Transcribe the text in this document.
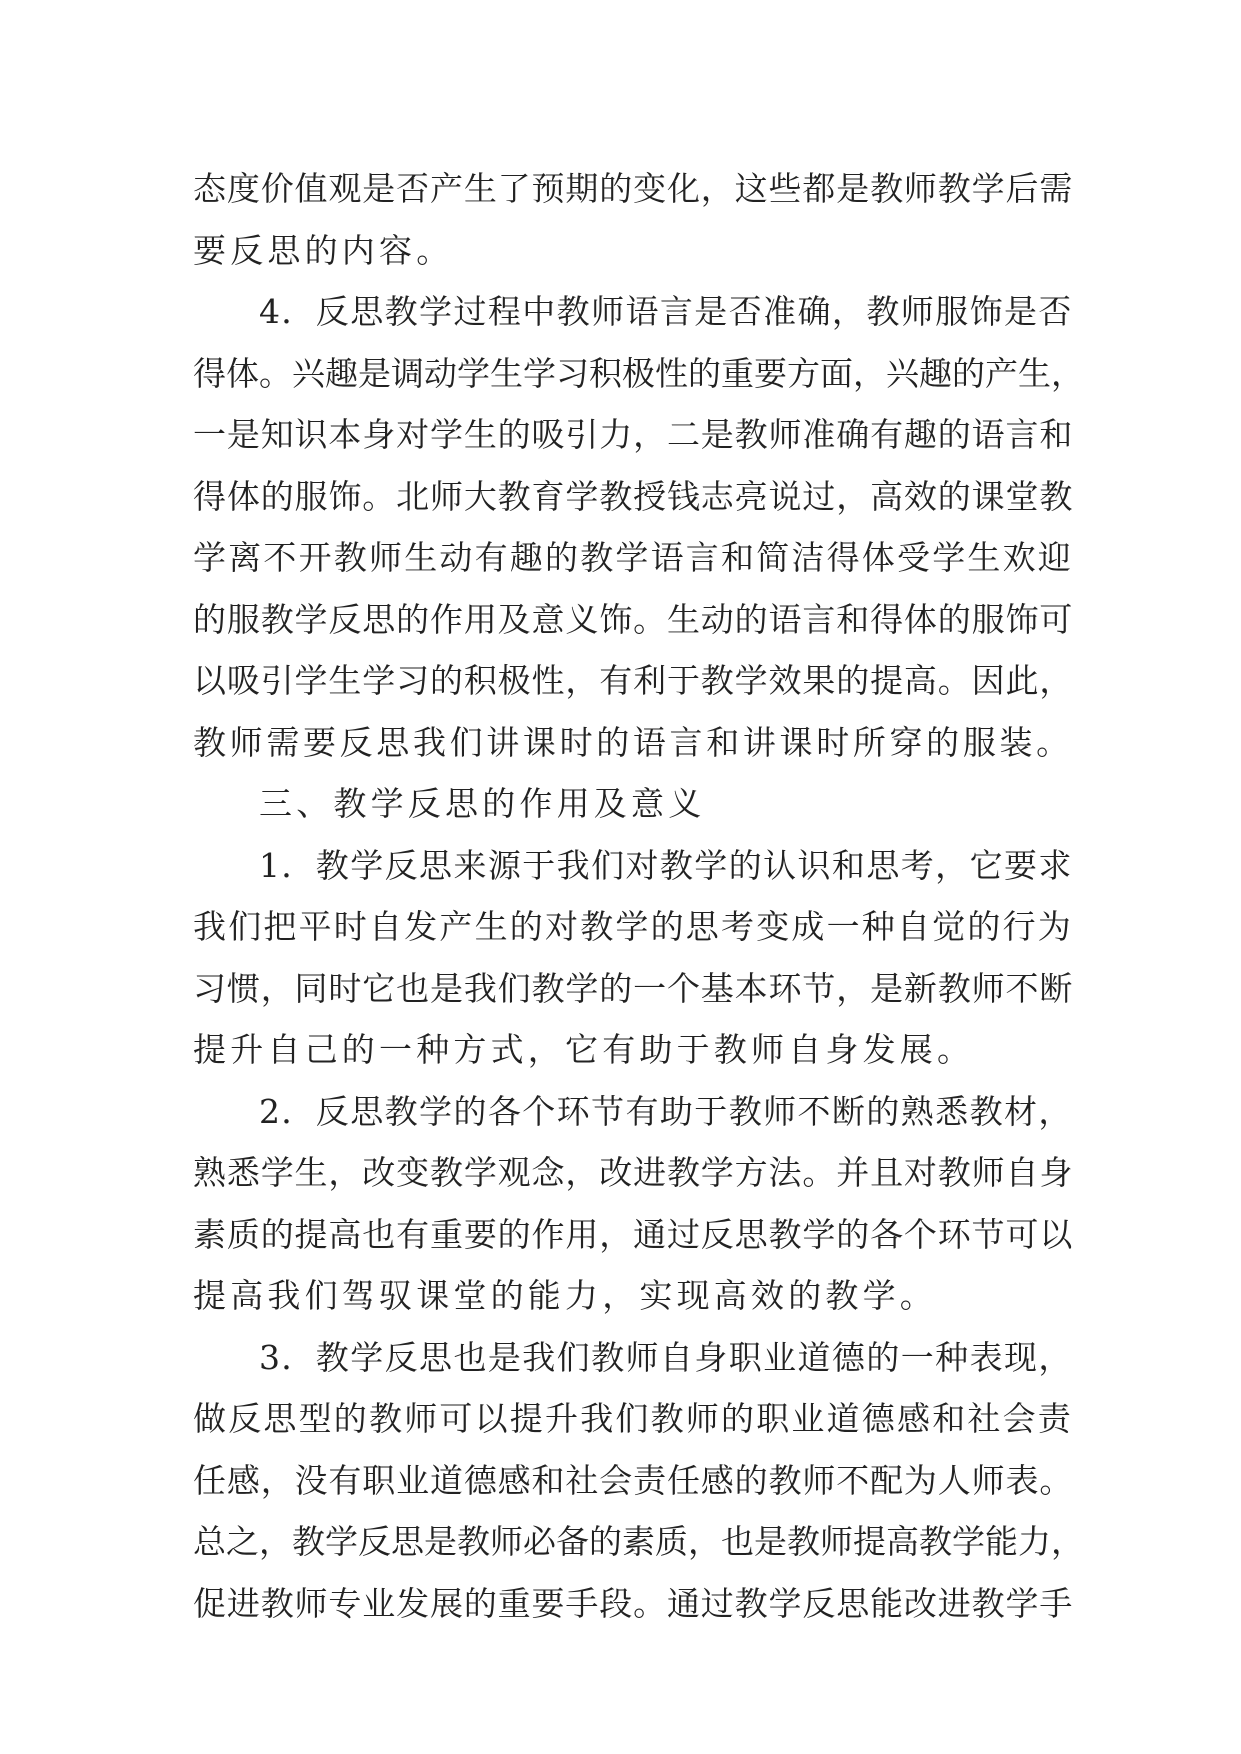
态度价值观是否产生了预期的变化，这些都是教师教学后需
要反思的内容。
4．反思教学过程中教师语言是否准确，教师服饰是否
得体。兴趣是调动学生学习积极性的重要方面，兴趣的产生，
一是知识本身对学生的吸引力，二是教师准确有趣的语言和
得体的服饰。北师大教育学教授钱志亮说过，高效的课堂教
学离不开教师生动有趣的教学语言和简洁得体受学生欢迎
的服教学反思的作用及意义饰。生动的语言和得体的服饰可
以吸引学生学习的积极性，有利于教学效果的提高。因此，
教师需要反思我们讲课时的语言和讲课时所穿的服装。
三、教学反思的作用及意义
1．教学反思来源于我们对教学的认识和思考，它要求
我们把平时自发产生的对教学的思考变成一种自觉的行为
习惯，同时它也是我们教学的一个基本环节，是新教师不断
提升自己的一种方式，它有助于教师自身发展。
2．反思教学的各个环节有助于教师不断的熟悉教材，
熟悉学生，改变教学观念，改进教学方法。并且对教师自身
素质的提高也有重要的作用，通过反思教学的各个环节可以
提高我们驾驭课堂的能力，实现高效的教学。
3．教学反思也是我们教师自身职业道德的一种表现，
做反思型的教师可以提升我们教师的职业道德感和社会责
任感，没有职业道德感和社会责任感的教师不配为人师表。
总之，教学反思是教师必备的素质，也是教师提高教学能力，
促进教师专业发展的重要手段。通过教学反思能改进教学手
